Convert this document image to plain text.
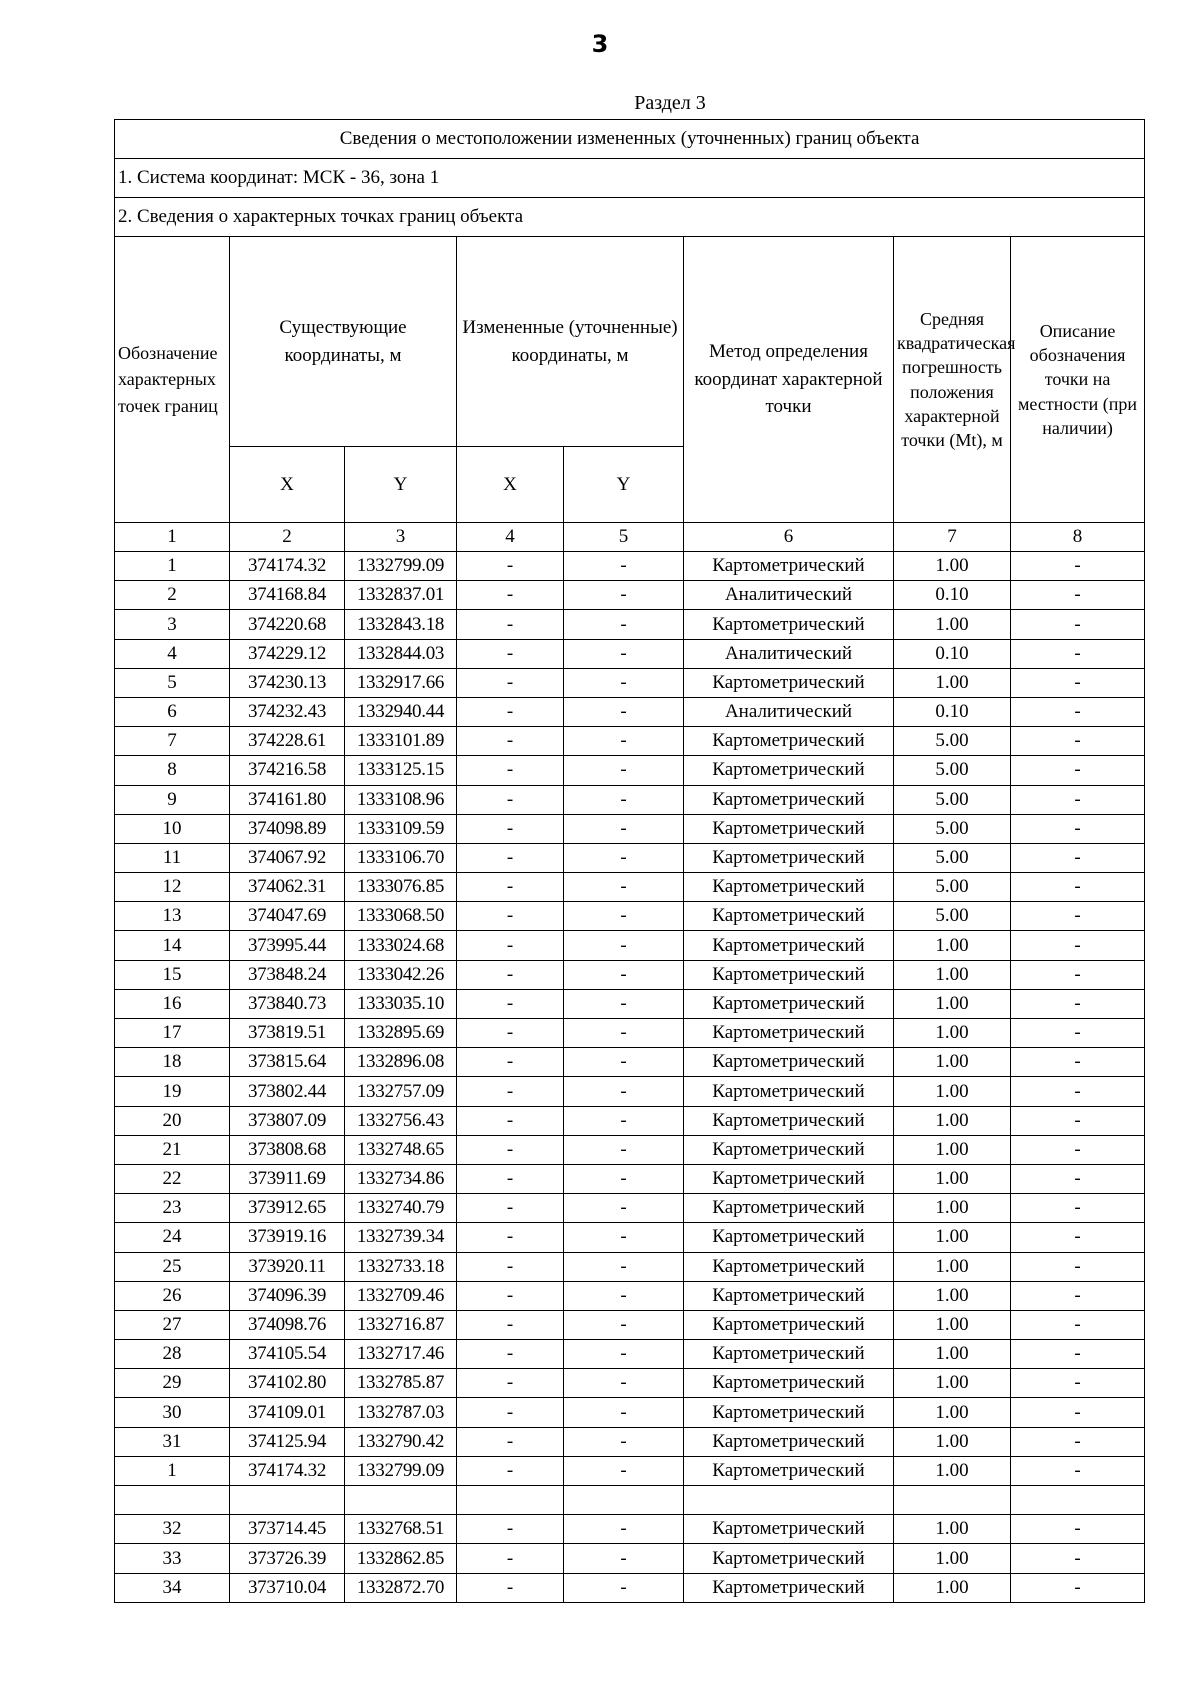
3
Раздел 3
Сведения о местоположении измененных (уточненных) границ объекта							
1. Система координат: МСК - 36, зона 1							
2. Сведения о характерных точках границ объекта							
Обозначение характерных точек границ	Существующие координаты, м		Измененные (уточненные) координаты, м		Метод определения координат характерной точки	Средняя квадратическая погрешность положения характерной точки (Mt), м	Описание обозначения точки на местности (при наличии)
	X	Y	X	Y			
1	2	3	4	5	6	7	8
1	374174.32	1332799.09	-	-	Картометрический	1.00	-
2	374168.84	1332837.01	-	-	Аналитический	0.10	-
3	374220.68	1332843.18	-	-	Картометрический	1.00	-
4	374229.12	1332844.03	-	-	Аналитический	0.10	-
5	374230.13	1332917.66	-	-	Картометрический	1.00	-
6	374232.43	1332940.44	-	-	Аналитический	0.10	-
7	374228.61	1333101.89	-	-	Картометрический	5.00	-
8	374216.58	1333125.15	-	-	Картометрический	5.00	-
9	374161.80	1333108.96	-	-	Картометрический	5.00	-
10	374098.89	1333109.59	-	-	Картометрический	5.00	-
11	374067.92	1333106.70	-	-	Картометрический	5.00	-
12	374062.31	1333076.85	-	-	Картометрический	5.00	-
13	374047.69	1333068.50	-	-	Картометрический	5.00	-
14	373995.44	1333024.68	-	-	Картометрический	1.00	-
15	373848.24	1333042.26	-	-	Картометрический	1.00	-
16	373840.73	1333035.10	-	-	Картометрический	1.00	-
17	373819.51	1332895.69	-	-	Картометрический	1.00	-
18	373815.64	1332896.08	-	-	Картометрический	1.00	-
19	373802.44	1332757.09	-	-	Картометрический	1.00	-
20	373807.09	1332756.43	-	-	Картометрический	1.00	-
21	373808.68	1332748.65	-	-	Картометрический	1.00	-
22	373911.69	1332734.86	-	-	Картометрический	1.00	-
23	373912.65	1332740.79	-	-	Картометрический	1.00	-
24	373919.16	1332739.34	-	-	Картометрический	1.00	-
25	373920.11	1332733.18	-	-	Картометрический	1.00	-
26	374096.39	1332709.46	-	-	Картометрический	1.00	-
27	374098.76	1332716.87	-	-	Картометрический	1.00	-
28	374105.54	1332717.46	-	-	Картометрический	1.00	-
29	374102.80	1332785.87	-	-	Картометрический	1.00	-
30	374109.01	1332787.03	-	-	Картометрический	1.00	-
31	374125.94	1332790.42	-	-	Картометрический	1.00	-
1	374174.32	1332799.09	-	-	Картометрический	1.00	-

32	373714.45	1332768.51	-	-	Картометрический	1.00	-
33	373726.39	1332862.85	-	-	Картометрический	1.00	-
34	373710.04	1332872.70	-	-	Картометрический	1.00	-
